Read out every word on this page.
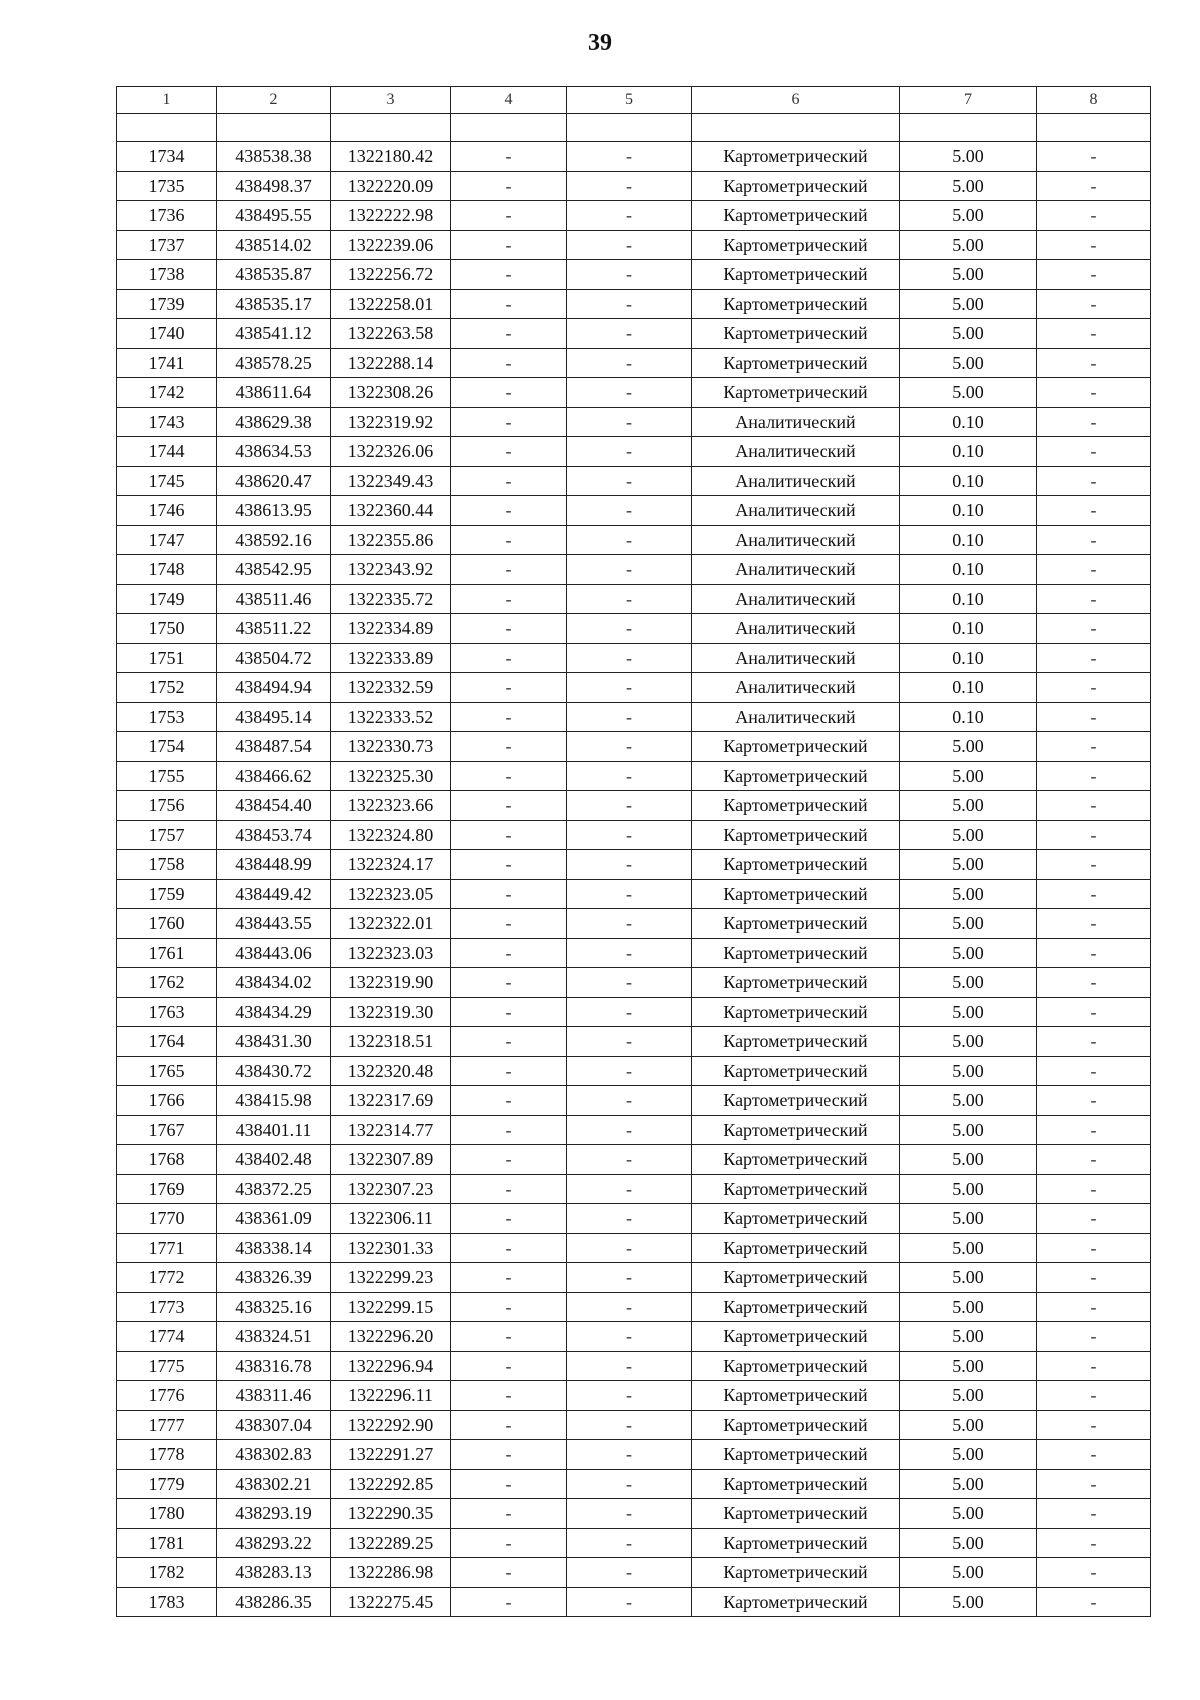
39
1	2	3	4	5	6	7	8

1734	438538.38	1322180.42	-	-	Картометрический	5.00	-
1735	438498.37	1322220.09	-	-	Картометрический	5.00	-
1736	438495.55	1322222.98	-	-	Картометрический	5.00	-
1737	438514.02	1322239.06	-	-	Картометрический	5.00	-
1738	438535.87	1322256.72	-	-	Картометрический	5.00	-
1739	438535.17	1322258.01	-	-	Картометрический	5.00	-
1740	438541.12	1322263.58	-	-	Картометрический	5.00	-
1741	438578.25	1322288.14	-	-	Картометрический	5.00	-
1742	438611.64	1322308.26	-	-	Картометрический	5.00	-
1743	438629.38	1322319.92	-	-	Аналитический	0.10	-
1744	438634.53	1322326.06	-	-	Аналитический	0.10	-
1745	438620.47	1322349.43	-	-	Аналитический	0.10	-
1746	438613.95	1322360.44	-	-	Аналитический	0.10	-
1747	438592.16	1322355.86	-	-	Аналитический	0.10	-
1748	438542.95	1322343.92	-	-	Аналитический	0.10	-
1749	438511.46	1322335.72	-	-	Аналитический	0.10	-
1750	438511.22	1322334.89	-	-	Аналитический	0.10	-
1751	438504.72	1322333.89	-	-	Аналитический	0.10	-
1752	438494.94	1322332.59	-	-	Аналитический	0.10	-
1753	438495.14	1322333.52	-	-	Аналитический	0.10	-
1754	438487.54	1322330.73	-	-	Картометрический	5.00	-
1755	438466.62	1322325.30	-	-	Картометрический	5.00	-
1756	438454.40	1322323.66	-	-	Картометрический	5.00	-
1757	438453.74	1322324.80	-	-	Картометрический	5.00	-
1758	438448.99	1322324.17	-	-	Картометрический	5.00	-
1759	438449.42	1322323.05	-	-	Картометрический	5.00	-
1760	438443.55	1322322.01	-	-	Картометрический	5.00	-
1761	438443.06	1322323.03	-	-	Картометрический	5.00	-
1762	438434.02	1322319.90	-	-	Картометрический	5.00	-
1763	438434.29	1322319.30	-	-	Картометрический	5.00	-
1764	438431.30	1322318.51	-	-	Картометрический	5.00	-
1765	438430.72	1322320.48	-	-	Картометрический	5.00	-
1766	438415.98	1322317.69	-	-	Картометрический	5.00	-
1767	438401.11	1322314.77	-	-	Картометрический	5.00	-
1768	438402.48	1322307.89	-	-	Картометрический	5.00	-
1769	438372.25	1322307.23	-	-	Картометрический	5.00	-
1770	438361.09	1322306.11	-	-	Картометрический	5.00	-
1771	438338.14	1322301.33	-	-	Картометрический	5.00	-
1772	438326.39	1322299.23	-	-	Картометрический	5.00	-
1773	438325.16	1322299.15	-	-	Картометрический	5.00	-
1774	438324.51	1322296.20	-	-	Картометрический	5.00	-
1775	438316.78	1322296.94	-	-	Картометрический	5.00	-
1776	438311.46	1322296.11	-	-	Картометрический	5.00	-
1777	438307.04	1322292.90	-	-	Картометрический	5.00	-
1778	438302.83	1322291.27	-	-	Картометрический	5.00	-
1779	438302.21	1322292.85	-	-	Картометрический	5.00	-
1780	438293.19	1322290.35	-	-	Картометрический	5.00	-
1781	438293.22	1322289.25	-	-	Картометрический	5.00	-
1782	438283.13	1322286.98	-	-	Картометрический	5.00	-
1783	438286.35	1322275.45	-	-	Картометрический	5.00	-
